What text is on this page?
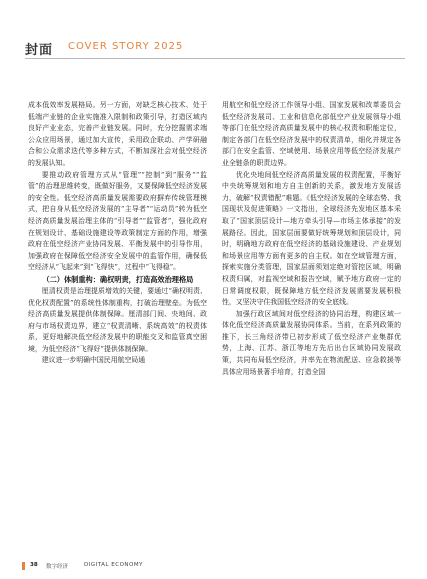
封面 COVER STORY 2025

成本低效率发展格局。另一方面，对缺乏核心技术、处于低端产业链的企业实施准入限制和政策引导，打造区域内良好产业业态，完善产业链发展。同时，充分挖掘需求端公众应用场景，通过加大宣传，采用政企联动、产学研融合和公众需求迭代等多种方式，不断加深社会对低空经济的发展认知。

要推动政府管理方式从“管理”“控制”到“服务”“监管”的治理思维转变，既做好服务，又要保障低空经济发展的安全性。低空经济高质量发展需要政府摒弃传统管理模式，把自身从低空经济发展的“主导者”“运动员”转为低空经济高质量发展治理主体的“引导者”“监管者”，强化政府在规划设计、基础设施建设等政策制定方面的作用，增强政府在低空经济产业协同发展、平衡发展中的引导作用，加强政府在保障低空经济安全发展中的监管作用，确保低空经济从“飞起来”到“飞得快”，过程中“飞得稳”。

（二）体制重构：确权明责，打造高效治理格局

厘清权责是治理提质增效的关键，要通过“确权明责、优化权责配置”的系统性体制重构，打破治理壁垒。为低空经济高质量发展提供体制保障。厘清部门间、央地间、政府与市场权责边界，建立“权责清晰、系统高效”的权责体系，更好地解决低空经济发展中的职能交叉和监管真空困境，为低空经济“飞得好”提供体制保障。

建议进一步明确中国民用航空局通

用航空和低空经济工作领导小组、国家发展和改革委员会低空经济发展司、工业和信息化部低空产业发展领导小组等部门在低空经济高质量发展中的核心权责和职能定位，制定各部门在低空经济发展中的权责清单，细化并规定各部门在安全监管、空域使用、场景应用等低空经济发展产业全链条的职责边界。

优化央地间低空经济高质量发展的权责配置，平衡好中央统筹规划和地方自主创新的关系，激发地方发展活力，破解“权责错配”难题。《低空经济发展的全球态势、我国现状及促进策略》一文指出，全球经济先发地区基本采取了“国家顶层设计—地方牵头引导—市场主体承接”的发展路径。因此，国家层面要做好统筹规划和顶层设计，同时，明确地方政府在低空经济的基础设施建设、产业规划和场景应用等方面有更多的自主权。如在空域管理方面，探索实施分类管理，国家层面须划定绝对管控区域，明确权责归属，对监视空域和报告空域，赋予地方政府一定的日常调度权限，既保障地方低空经济发展需要发展积极性，又坚决守住我国低空经济的安全底线。

加强行政区域间对低空经济的协同治理，构建区域一体化低空经济高质量发展协同体系。当前，在系列政策的推下，长三角经济带已初步形成了低空经济产业集群优势，上海、江苏、浙江等地方先后出台区域协同发展政策，共同布局低空经济，并率先在物流配送、应急救援等具体应用场景著手培育，打造全国

38 数字经济	DIGITAL ECONOMY
